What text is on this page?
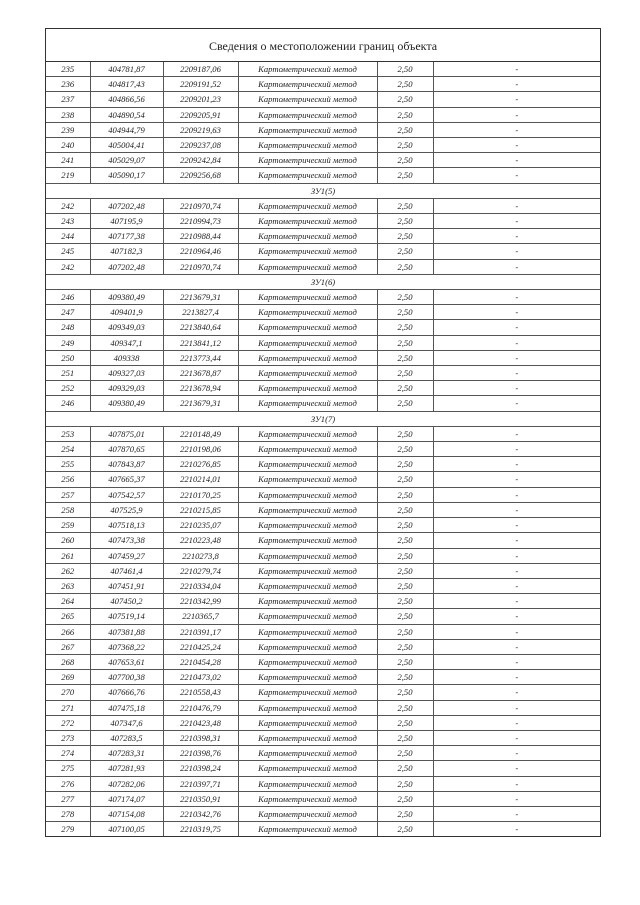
Сведения о местоположении границ объекта
235	404781,87	2209187,06	Картометрический метод	2,50	-
236	404817,43	2209191,52	Картометрический метод	2,50	-
237	404866,56	2209201,23	Картометрический метод	2,50	-
238	404890,54	2209205,91	Картометрический метод	2,50	-
239	404944,79	2209219,63	Картометрический метод	2,50	-
240	405004,41	2209237,08	Картометрический метод	2,50	-
241	405029,07	2209242,84	Картометрический метод	2,50	-
219	405090,17	2209256,68	Картометрический метод	2,50	-
ЗУ1(5)					
242	407202,48	2210970,74	Картометрический метод	2,50	-
243	407195,9	2210994,73	Картометрический метод	2,50	-
244	407177,38	2210988,44	Картометрический метод	2,50	-
245	407182,3	2210964,46	Картометрический метод	2,50	-
242	407202,48	2210970,74	Картометрический метод	2,50	-
ЗУ1(6)					
246	409380,49	2213679,31	Картометрический метод	2,50	-
247	409401,9	2213827,4	Картометрический метод	2,50	-
248	409349,03	2213840,64	Картометрический метод	2,50	-
249	409347,1	2213841,12	Картометрический метод	2,50	-
250	409338	2213773,44	Картометрический метод	2,50	-
251	409327,03	2213678,87	Картометрический метод	2,50	-
252	409329,03	2213678,94	Картометрический метод	2,50	-
246	409380,49	2213679,31	Картометрический метод	2,50	-
ЗУ1(7)					
253	407875,01	2210148,49	Картометрический метод	2,50	-
254	407870,65	2210198,06	Картометрический метод	2,50	-
255	407843,87	2210276,85	Картометрический метод	2,50	-
256	407665,37	2210214,01	Картометрический метод	2,50	-
257	407542,57	2210170,25	Картометрический метод	2,50	-
258	407525,9	2210215,85	Картометрический метод	2,50	-
259	407518,13	2210235,07	Картометрический метод	2,50	-
260	407473,38	2210223,48	Картометрический метод	2,50	-
261	407459,27	2210273,8	Картометрический метод	2,50	-
262	407461,4	2210279,74	Картометрический метод	2,50	-
263	407451,91	2210334,04	Картометрический метод	2,50	-
264	407450,2	2210342,99	Картометрический метод	2,50	-
265	407519,14	2210365,7	Картометрический метод	2,50	-
266	407381,88	2210391,17	Картометрический метод	2,50	-
267	407368,22	2210425,24	Картометрический метод	2,50	-
268	407653,61	2210454,28	Картометрический метод	2,50	-
269	407700,38	2210473,02	Картометрический метод	2,50	-
270	407666,76	2210558,43	Картометрический метод	2,50	-
271	407475,18	2210476,79	Картометрический метод	2,50	-
272	407347,6	2210423,48	Картометрический метод	2,50	-
273	407283,5	2210398,31	Картометрический метод	2,50	-
274	407283,31	2210398,76	Картометрический метод	2,50	-
275	407281,93	2210398,24	Картометрический метод	2,50	-
276	407282,06	2210397,71	Картометрический метод	2,50	-
277	407174,07	2210350,91	Картометрический метод	2,50	-
278	407154,08	2210342,76	Картометрический метод	2,50	-
279	407100,05	2210319,75	Картометрический метод	2,50	-
